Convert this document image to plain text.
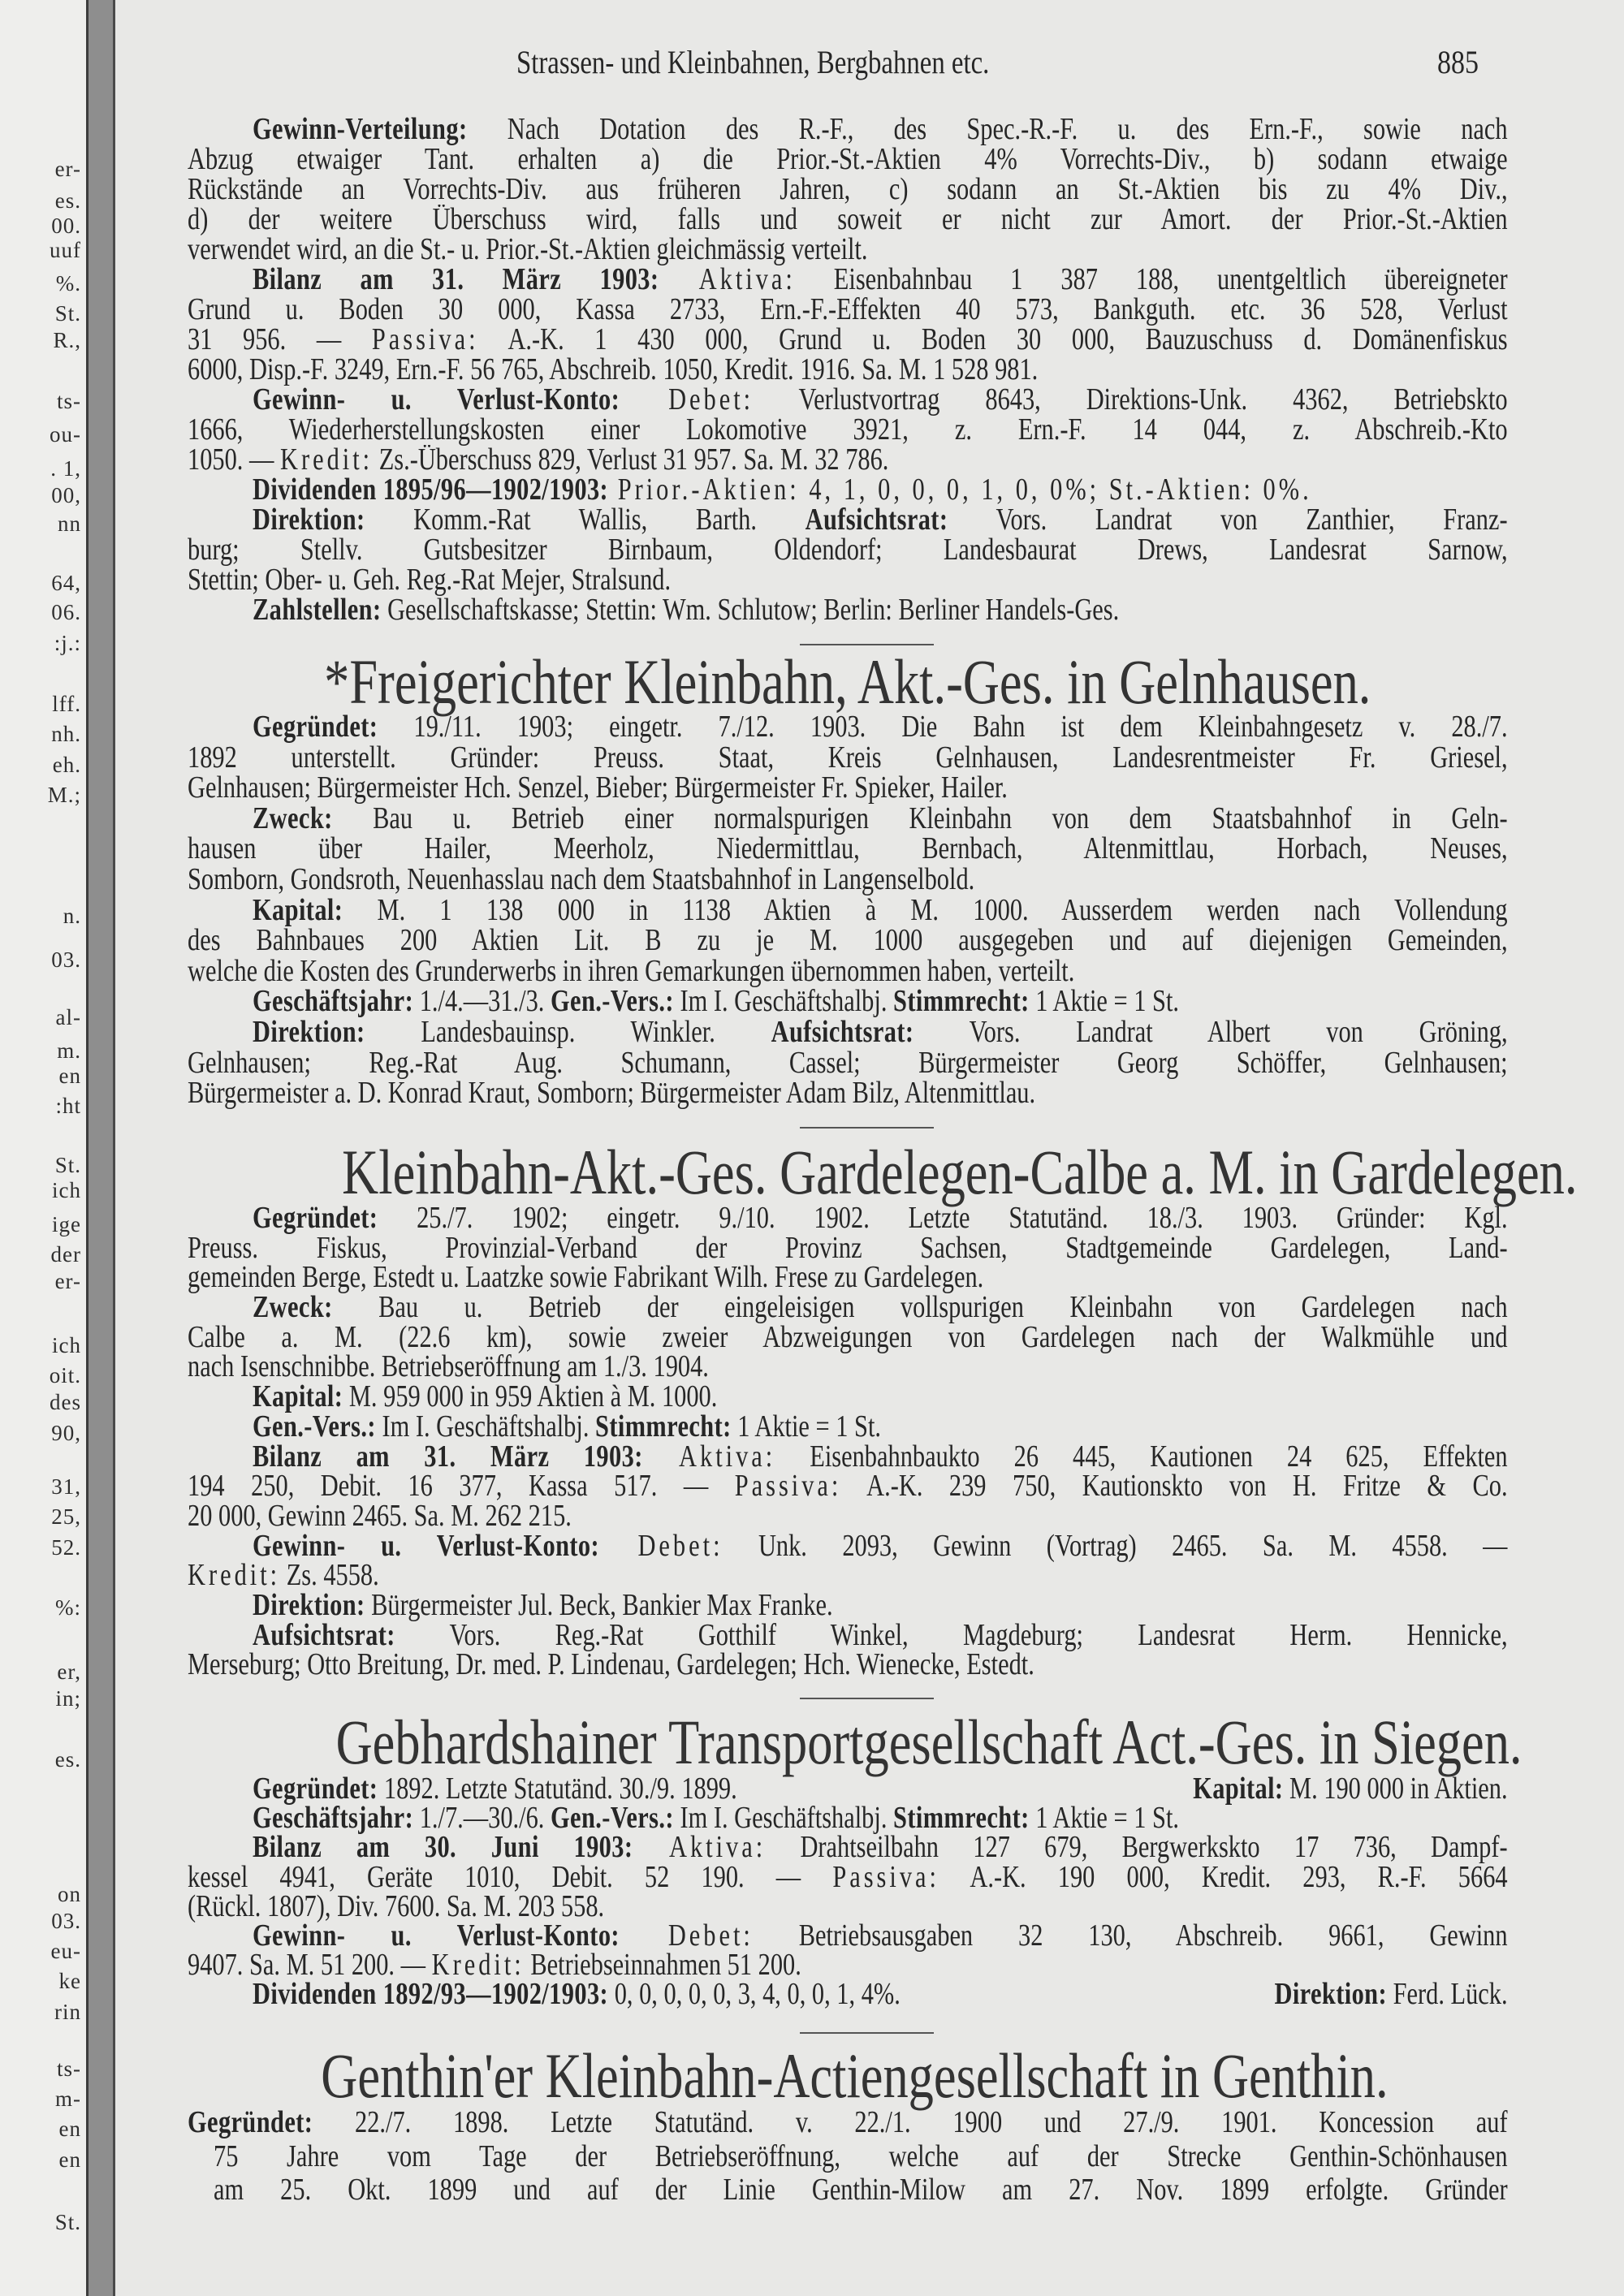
er-
es.
00.
uuf
%.
St.
R.,
ts-
ou-
. 1,
00,
nn
64,
06.
:j.:
lff.
nh.
eh.
M.;
n.
03.
al-
m.
en
:ht
St.
ich
ige
der
er-
ich
oit.
des
90,
31,
25,
52.
%:
er,
in;
es.
on
03.
eu-
ke
rin
ts-
m-
en
en
St.
Strassen- und Kleinbahnen, Bergbahnen etc.	885
Gewinn-Verteilung: Nach Dotation des R.-F., des Spec.-R.-F. u. des Ern.-F., sowie nach
Abzug etwaiger Tant. erhalten a) die Prior.-St.-Aktien 4% Vorrechts-Div., b) sodann etwaige
Rückstände an Vorrechts-Div. aus früheren Jahren, c) sodann an St.-Aktien bis zu 4% Div.,
d) der weitere Überschuss wird, falls und soweit er nicht zur Amort. der Prior.-St.-Aktien
verwendet wird, an die St.- u. Prior.-St.-Aktien gleichmässig verteilt.
Bilanz am 31. März 1903: Aktiva: Eisenbahnbau 1 387 188, unentgeltlich übereigneter
Grund u. Boden 30 000, Kassa 2733, Ern.-F.-Effekten 40 573, Bankguth. etc. 36 528, Verlust
31 956. — Passiva: A.-K. 1 430 000, Grund u. Boden 30 000, Bauzuschuss d. Domänenfiskus
6000, Disp.-F. 3249, Ern.-F. 56 765, Abschreib. 1050, Kredit. 1916. Sa. M. 1 528 981.
Gewinn- u. Verlust-Konto: Debet: Verlustvortrag 8643, Direktions-Unk. 4362, Betriebskto
1666, Wiederherstellungskosten einer Lokomotive 3921, z. Ern.-F. 14 044, z. Abschreib.-Kto
1050. — Kredit: Zs.-Überschuss 829, Verlust 31 957. Sa. M. 32 786.
Dividenden 1895/96—1902/1903: Prior.-Aktien: 4, 1, 0, 0, 0, 1, 0, 0%; St.-Aktien: 0%.
Direktion: Komm.-Rat Wallis, Barth. Aufsichtsrat: Vors. Landrat von Zanthier, Franz-
burg; Stellv. Gutsbesitzer Birnbaum, Oldendorf; Landesbaurat Drews, Landesrat Sarnow,
Stettin; Ober- u. Geh. Reg.-Rat Mejer, Stralsund.
Zahlstellen: Gesellschaftskasse; Stettin: Wm. Schlutow; Berlin: Berliner Handels-Ges.
*Freigerichter Kleinbahn, Akt.-Ges. in Gelnhausen.
Gegründet: 19./11. 1903; eingetr. 7./12. 1903. Die Bahn ist dem Kleinbahngesetz v. 28./7.
1892 unterstellt. Gründer: Preuss. Staat, Kreis Gelnhausen, Landesrentmeister Fr. Griesel,
Gelnhausen; Bürgermeister Hch. Senzel, Bieber; Bürgermeister Fr. Spieker, Hailer.
Zweck: Bau u. Betrieb einer normalspurigen Kleinbahn von dem Staatsbahnhof in Geln-
hausen über Hailer, Meerholz, Niedermittlau, Bernbach, Altenmittlau, Horbach, Neuses,
Somborn, Gondsroth, Neuenhasslau nach dem Staatsbahnhof in Langenselbold.
Kapital: M. 1 138 000 in 1138 Aktien à M. 1000. Ausserdem werden nach Vollendung
des Bahnbaues 200 Aktien Lit. B zu je M. 1000 ausgegeben und auf diejenigen Gemeinden,
welche die Kosten des Grunderwerbs in ihren Gemarkungen übernommen haben, verteilt.
Geschäftsjahr: 1./4.—31./3. Gen.-Vers.: Im I. Geschäftshalbj. Stimmrecht: 1 Aktie = 1 St.
Direktion: Landesbauinsp. Winkler. Aufsichtsrat: Vors. Landrat Albert von Gröning,
Gelnhausen; Reg.-Rat Aug. Schumann, Cassel; Bürgermeister Georg Schöffer, Gelnhausen;
Bürgermeister a. D. Konrad Kraut, Somborn; Bürgermeister Adam Bilz, Altenmittlau.
Kleinbahn-Akt.-Ges. Gardelegen-Calbe a. M. in Gardelegen.
Gegründet: 25./7. 1902; eingetr. 9./10. 1902. Letzte Statutänd. 18./3. 1903. Gründer: Kgl.
Preuss. Fiskus, Provinzial-Verband der Provinz Sachsen, Stadtgemeinde Gardelegen, Land-
gemeinden Berge, Estedt u. Laatzke sowie Fabrikant Wilh. Frese zu Gardelegen.
Zweck: Bau u. Betrieb der eingeleisigen vollspurigen Kleinbahn von Gardelegen nach
Calbe a. M. (22.6 km), sowie zweier Abzweigungen von Gardelegen nach der Walkmühle und
nach Isenschnibbe. Betriebseröffnung am 1./3. 1904.
Kapital: M. 959 000 in 959 Aktien à M. 1000.
Gen.-Vers.: Im I. Geschäftshalbj. Stimmrecht: 1 Aktie = 1 St.
Bilanz am 31. März 1903: Aktiva: Eisenbahnbaukto 26 445, Kautionen 24 625, Effekten
194 250, Debit. 16 377, Kassa 517. — Passiva: A.-K. 239 750, Kautionskto von H. Fritze & Co.
20 000, Gewinn 2465. Sa. M. 262 215.
Gewinn- u. Verlust-Konto: Debet: Unk. 2093, Gewinn (Vortrag) 2465. Sa. M. 4558. —
Kredit: Zs. 4558.
Direktion: Bürgermeister Jul. Beck, Bankier Max Franke.
Aufsichtsrat: Vors. Reg.-Rat Gotthilf Winkel, Magdeburg; Landesrat Herm. Hennicke,
Merseburg; Otto Breitung, Dr. med. P. Lindenau, Gardelegen; Hch. Wienecke, Estedt.
Gebhardshainer Transportgesellschaft Act.-Ges. in Siegen.
Gegründet: 1892. Letzte Statutänd. 30./9. 1899.	Kapital: M. 190 000 in Aktien.
Geschäftsjahr: 1./7.—30./6. Gen.-Vers.: Im I. Geschäftshalbj. Stimmrecht: 1 Aktie = 1 St.
Bilanz am 30. Juni 1903: Aktiva: Drahtseilbahn 127 679, Bergwerkskto 17 736, Dampf-
kessel 4941, Geräte 1010, Debit. 52 190. — Passiva: A.-K. 190 000, Kredit. 293, R.-F. 5664
(Rückl. 1807), Div. 7600. Sa. M. 203 558.
Gewinn- u. Verlust-Konto: Debet: Betriebsausgaben 32 130, Abschreib. 9661, Gewinn
9407. Sa. M. 51 200. — Kredit: Betriebseinnahmen 51 200.
Dividenden 1892/93—1902/1903: 0, 0, 0, 0, 0, 3, 4, 0, 0, 1, 4%.	Direktion: Ferd. Lück.
Genthin'er Kleinbahn-Actiengesellschaft in Genthin.
Gegründet: 22./7. 1898. Letzte Statutänd. v. 22./1. 1900 und 27./9. 1901. Koncession auf
75 Jahre vom Tage der Betriebseröffnung, welche auf der Strecke Genthin-Schönhausen
am 25. Okt. 1899 und auf der Linie Genthin-Milow am 27. Nov. 1899 erfolgte. Gründer
